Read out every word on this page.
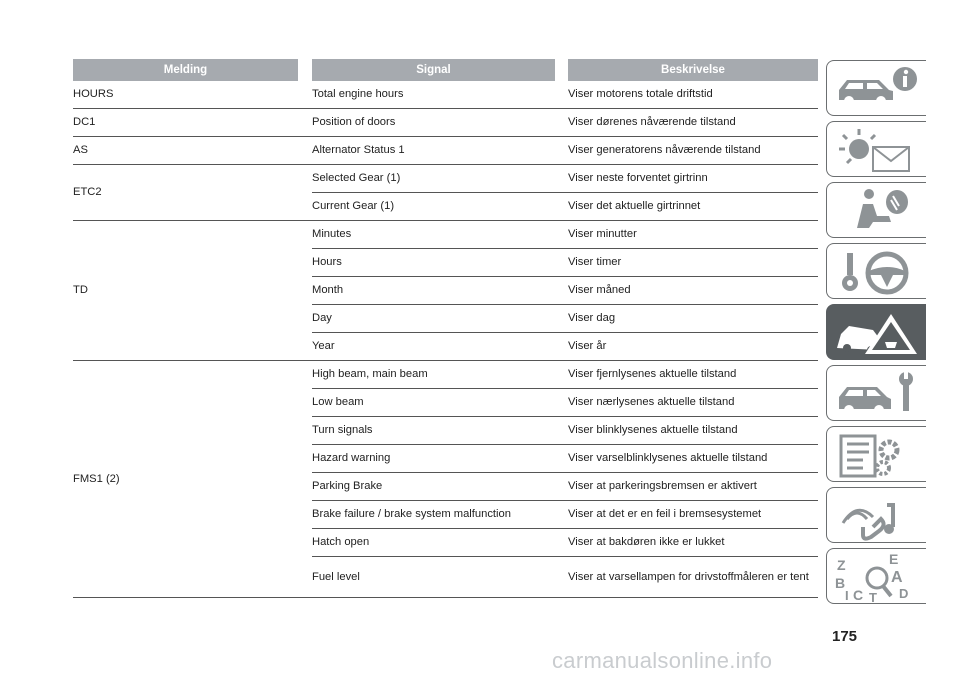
Melding		Signal		Beskrivelse
HOURS		Total engine hours		Viser motorens totale driftstid
DC1		Position of doors		Viser dørenes nåværende tilstand
AS		Alternator Status 1		Viser generatorens nåværende tilstand
ETC2		Selected Gear (1)		Viser neste forventet girtrinn
		Current Gear (1)		Viser det aktuelle girtrinnet
TD		Minutes		Viser minutter
		Hours		Viser timer
		Month		Viser måned
		Day		Viser dag
		Year		Viser år
FMS1 (2)		High beam, main beam		Viser fjernlysenes aktuelle tilstand
		Low beam		Viser nærlysenes aktuelle tilstand
		Turn signals		Viser blinklysenes aktuelle tilstand
		Hazard warning		Viser varselblinklysenes aktuelle tilstand
		Parking Brake		Viser at parkeringsbremsen er aktivert
		Brake failure / brake system malfunction		Viser at det er en feil i bremsesystemet
		Hatch open		Viser at bakdøren ikke er lukket
		Fuel level		Viser at varsellampen for drivstoffmåleren er tent
Z	E
A
B
C T D
I
175
carmanualsonline.info
